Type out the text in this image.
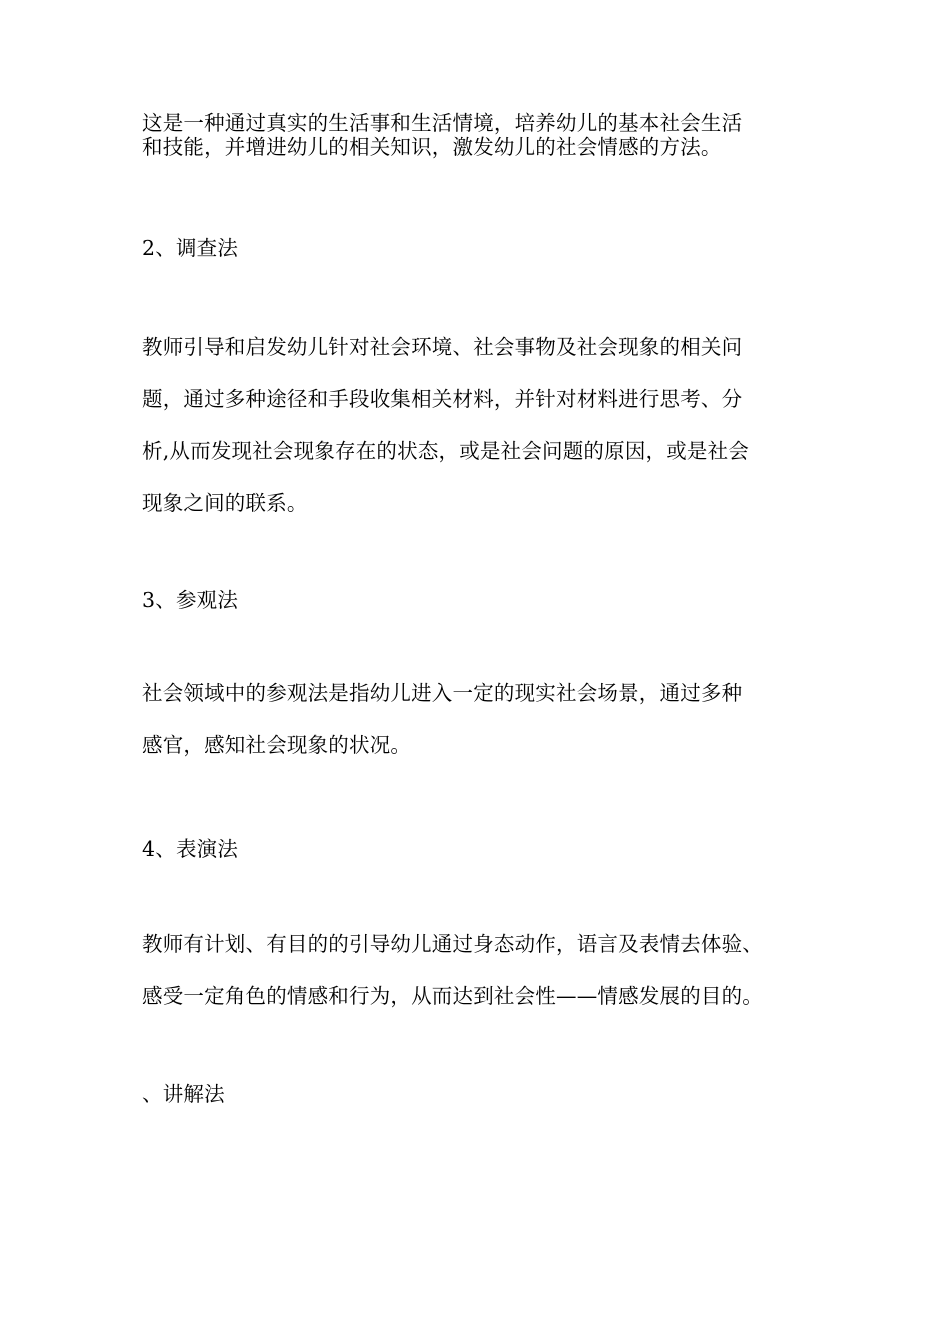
这是一种通过真实的生活事和生活情境，培养幼儿的基本社会生活
和技能，并增进幼儿的相关知识，激发幼儿的社会情感的方法。
2、调查法
教师引导和启发幼儿针对社会环境、社会事物及社会现象的相关问
题，通过多种途径和手段收集相关材料，并针对材料进行思考、分
析,从而发现社会现象存在的状态，或是社会问题的原因，或是社会
现象之间的联系。
3、参观法
社会领域中的参观法是指幼儿进入一定的现实社会场景，通过多种
感官，感知社会现象的状况。
4、表演法
教师有计划、有目的的引导幼儿通过身态动作，语言及表情去体验、
感受一定角色的情感和行为，从而达到社会性——情感发展的目的。
、讲解法
